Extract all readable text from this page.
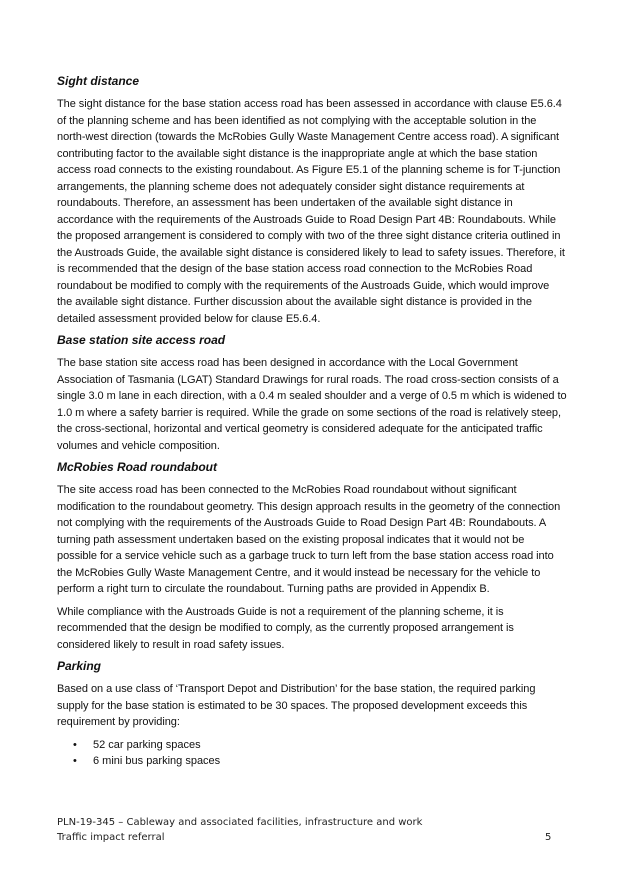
Sight distance

The sight distance for the base station access road has been assessed in accordance with clause E5.6.4 of the planning scheme and has been identified as not complying with the acceptable solution in the north-west direction (towards the McRobies Gully Waste Management Centre access road). A significant contributing factor to the available sight distance is the inappropriate angle at which the base station access road connects to the existing roundabout. As Figure E5.1 of the planning scheme is for T-junction arrangements, the planning scheme does not adequately consider sight distance requirements at roundabouts. Therefore, an assessment has been undertaken of the available sight distance in accordance with the requirements of the Austroads Guide to Road Design Part 4B: Roundabouts. While the proposed arrangement is considered to comply with two of the three sight distance criteria outlined in the Austroads Guide, the available sight distance is considered likely to lead to safety issues. Therefore, it is recommended that the design of the base station access road connection to the McRobies Road roundabout be modified to comply with the requirements of the Austroads Guide, which would improve the available sight distance. Further discussion about the available sight distance is provided in the detailed assessment provided below for clause E5.6.4.

Base station site access road

The base station site access road has been designed in accordance with the Local Government Association of Tasmania (LGAT) Standard Drawings for rural roads. The road cross-section consists of a single 3.0 m lane in each direction, with a 0.4 m sealed shoulder and a verge of 0.5 m which is widened to 1.0 m where a safety barrier is required. While the grade on some sections of the road is relatively steep, the cross-sectional, horizontal and vertical geometry is considered adequate for the anticipated traffic volumes and vehicle composition.

McRobies Road roundabout

The site access road has been connected to the McRobies Road roundabout without significant modification to the roundabout geometry. This design approach results in the geometry of the connection not complying with the requirements of the Austroads Guide to Road Design Part 4B: Roundabouts. A turning path assessment undertaken based on the existing proposal indicates that it would not be possible for a service vehicle such as a garbage truck to turn left from the base station access road into the McRobies Gully Waste Management Centre, and it would instead be necessary for the vehicle to perform a right turn to circulate the roundabout. Turning paths are provided in Appendix B.

While compliance with the Austroads Guide is not a requirement of the planning scheme, it is recommended that the design be modified to comply, as the currently proposed arrangement is considered likely to result in road safety issues.

Parking

Based on a use class of ‘Transport Depot and Distribution’ for the base station, the required parking supply for the base station is estimated to be 30 spaces. The proposed development exceeds this requirement by providing:

• 52 car parking spaces
• 6 mini bus parking spaces
PLN-19-345 – Cableway and associated facilities, infrastructure and work
Traffic impact referral	5
